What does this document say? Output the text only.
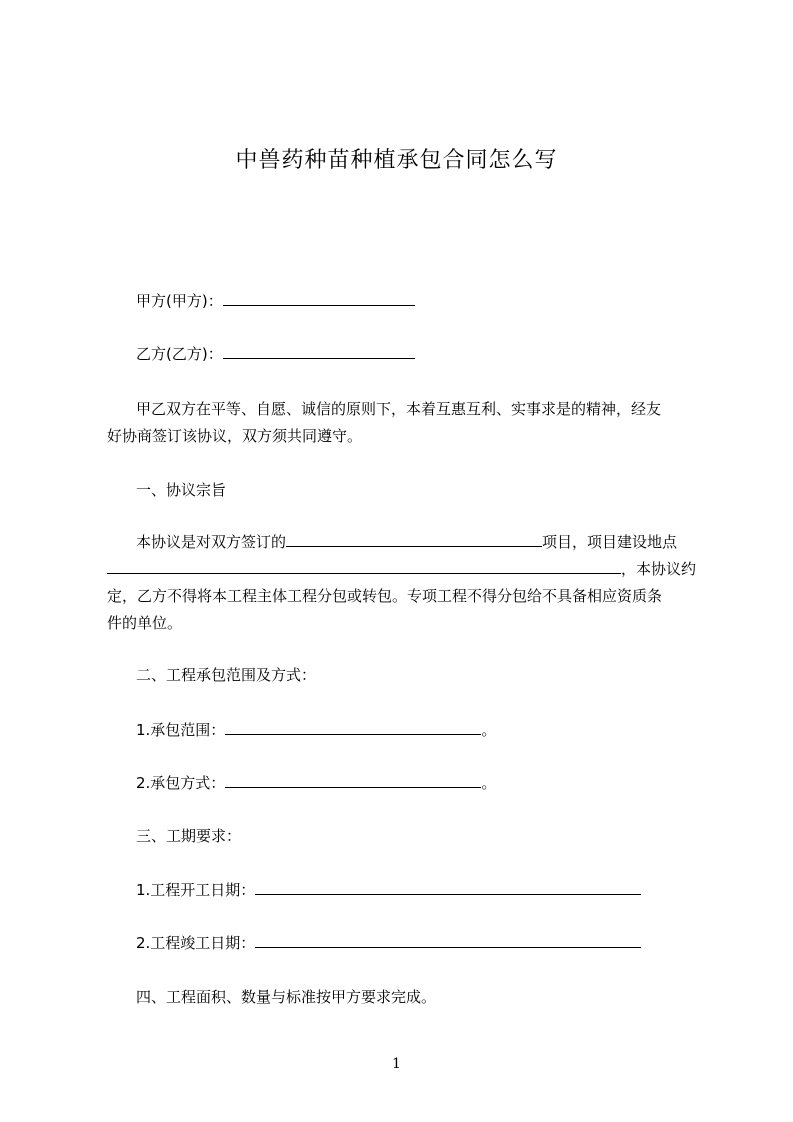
中兽药种苗种植承包合同怎么写
甲方(甲方)：
乙方(乙方)：
甲乙双方在平等、自愿、诚信的原则下，本着互惠互利、实事求是的精神，经友
好协商签订该协议，双方须共同遵守。
一、协议宗旨
本协议是对双方签订的	项目，项目建设地点
，本协议约
定，乙方不得将本工程主体工程分包或转包。专项工程不得分包给不具备相应资质条
件的单位。
二、工程承包范围及方式：
1.承包范围：	。
2.承包方式：	。
三、工期要求：
1.工程开工日期：
2.工程竣工日期：
四、工程面积、数量与标准按甲方要求完成。
1
